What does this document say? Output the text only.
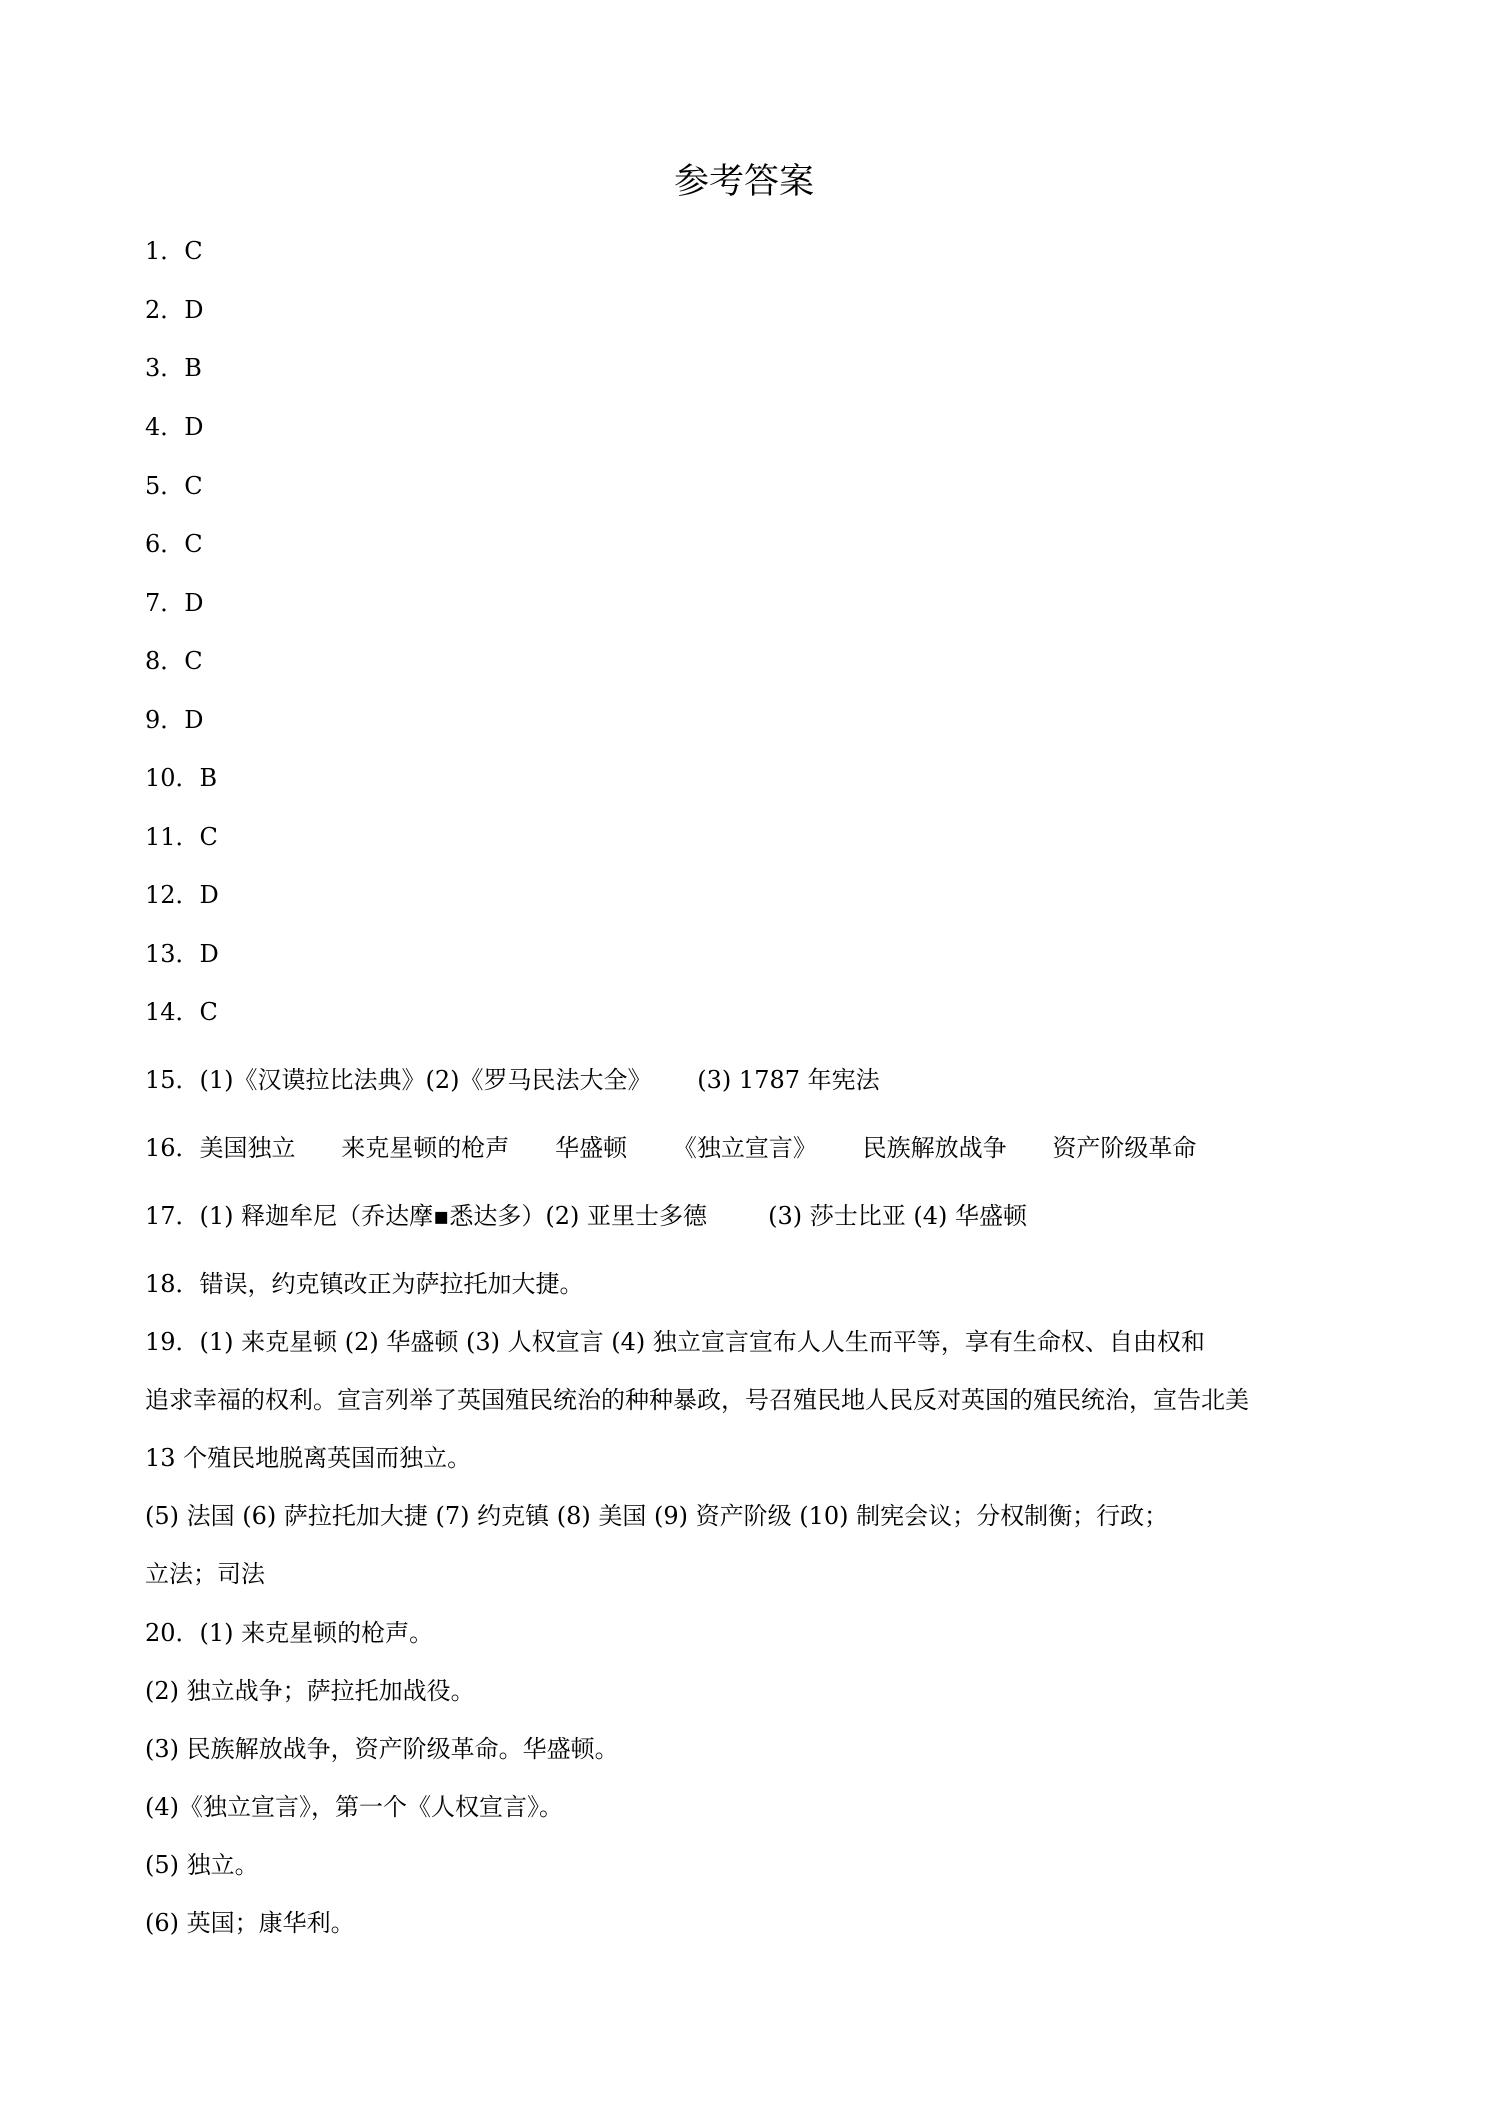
参考答案
1．C
2．D
3．B
4．D
5．C
6．C
7．D
8．C
9．D
10．B
11．C
12．D
13．D
14．C
15．(1)《汉谟拉比法典》(2)《罗马民法大全》      (3) 1787 年宪法
16．美国独立      来克星顿的枪声      华盛顿      《独立宣言》      民族解放战争      资产阶级革命
17．(1) 释迦牟尼（乔达摩▪悉达多）(2) 亚里士多德        (3) 莎士比亚 (4) 华盛顿
18．错误，约克镇改正为萨拉托加大捷。
19．(1) 来克星顿 (2) 华盛顿 (3) 人权宣言 (4) 独立宣言宣布人人生而平等，享有生命权、自由权和
追求幸福的权利。宣言列举了英国殖民统治的种种暴政，号召殖民地人民反对英国的殖民统治，宣告北美
13 个殖民地脱离英国而独立。
(5) 法国 (6) 萨拉托加大捷 (7) 约克镇 (8) 美国 (9) 资产阶级 (10) 制宪会议；分权制衡；行政；
立法；司法
20．(1) 来克星顿的枪声。
(2) 独立战争；萨拉托加战役。
(3) 民族解放战争，资产阶级革命。华盛顿。
(4)《独立宣言》，第一个《人权宣言》。
(5) 独立。
(6) 英国；康华利。
